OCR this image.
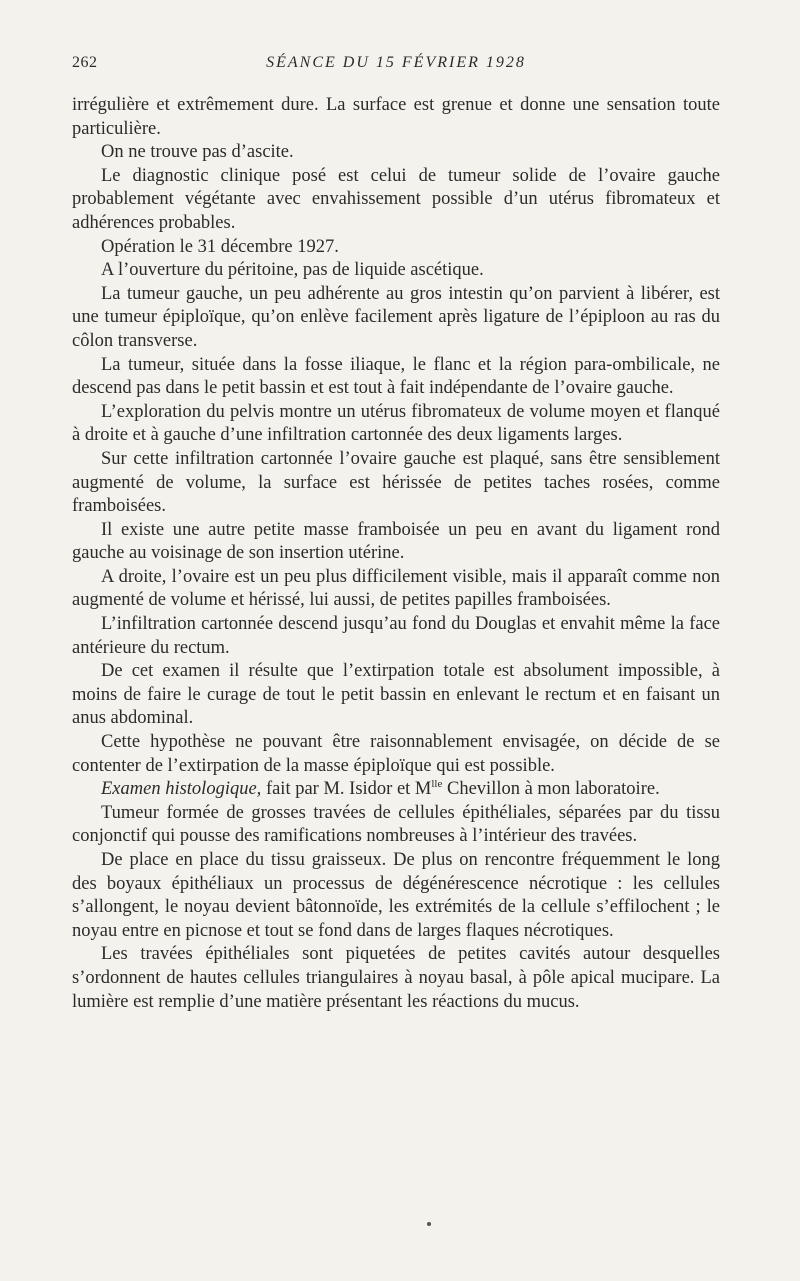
262	SÉANCE DU 15 FÉVRIER 1928

irrégulière et extrêmement dure. La surface est grenue et donne une sensation toute particulière.

On ne trouve pas d’ascite.

Le diagnostic clinique posé est celui de tumeur solide de l’ovaire gauche probablement végétante avec envahissement possible d’un utérus fibromateux et adhérences probables.

Opération le 31 décembre 1927.

A l’ouverture du péritoine, pas de liquide ascétique.

La tumeur gauche, un peu adhérente au gros intestin qu’on parvient à libérer, est une tumeur épiploïque, qu’on enlève facilement après ligature de l’épiploon au ras du côlon transverse.

La tumeur, située dans la fosse iliaque, le flanc et la région para-ombilicale, ne descend pas dans le petit bassin et est tout à fait indépendante de l’ovaire gauche.

L’exploration du pelvis montre un utérus fibromateux de volume moyen et flanqué à droite et à gauche d’une infiltration cartonnée des deux ligaments larges.

Sur cette infiltration cartonnée l’ovaire gauche est plaqué, sans être sensiblement augmenté de volume, la surface est hérissée de petites taches rosées, comme framboisées.

Il existe une autre petite masse framboisée un peu en avant du ligament rond gauche au voisinage de son insertion utérine.

A droite, l’ovaire est un peu plus difficilement visible, mais il apparaît comme non augmenté de volume et hérissé, lui aussi, de petites papilles framboisées.

L’infiltration cartonnée descend jusqu’au fond du Douglas et envahit même la face antérieure du rectum.

De cet examen il résulte que l’extirpation totale est absolument impossible, à moins de faire le curage de tout le petit bassin en enlevant le rectum et en faisant un anus abdominal.

Cette hypothèse ne pouvant être raisonnablement envisagée, on décide de se contenter de l’extirpation de la masse épiploïque qui est possible.

Examen histologique, fait par M. Isidor et $M^{lle}$ Chevillon à mon laboratoire.

Tumeur formée de grosses travées de cellules épithéliales, séparées par du tissu conjonctif qui pousse des ramifications nombreuses à l’intérieur des travées.

De place en place du tissu graisseux. De plus on rencontre fréquemment le long des boyaux épithéliaux un processus de dégénérescence nécrotique : les cellules s’allongent, le noyau devient bâtonnoïde, les extrémités de la cellule s’effilochent ; le noyau entre en picnose et tout se fond dans de larges flaques nécrotiques.

Les travées épithéliales sont piquetées de petites cavités autour desquelles s’ordonnent de hautes cellules triangulaires à noyau basal, à pôle apical mucipare. La lumière est remplie d’une matière présentant les réactions du mucus.
